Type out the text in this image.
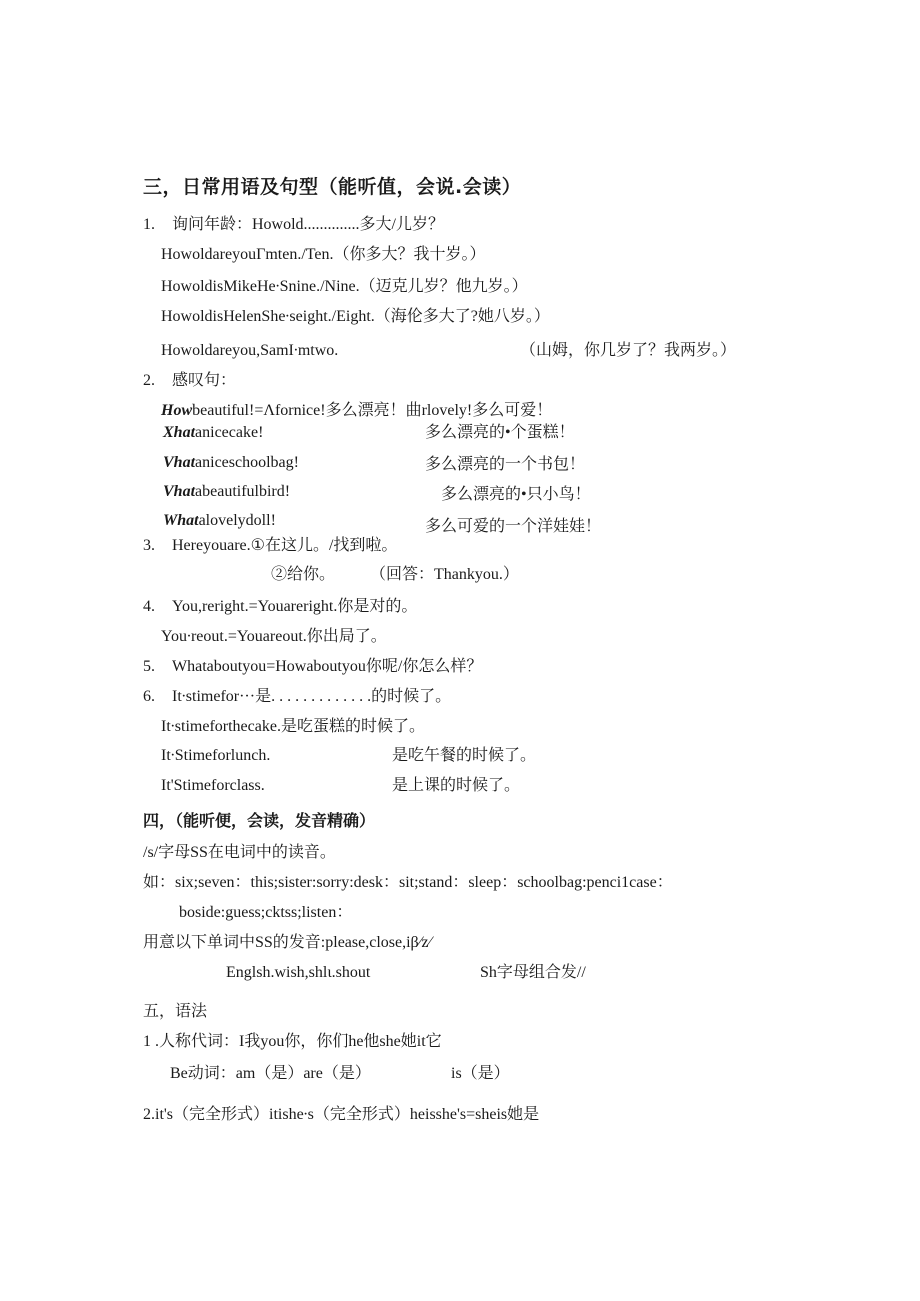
三，日常用语及句型（能听值，会说.会读）
1. 询问年龄：Howold..............多大/儿岁？
HowoldareyouΓmten./Ten.（你多大？我十岁。）
HowoldisMikeHe∙Snine./Nine.（迈克儿岁？他九岁。）
HowoldisHelenShe∙seight./Eight.（海伦多大了?她八岁。）
Howoldareyou,SamI∙mtwo.	（山姆，你几岁了？我两岁。）
2. 感叹句：
Howbeautiful!=Λfornice!多么漂亮！曲rlovely!多么可爱！
Xhatanicecake!	多么漂亮的•个蛋糕！
Vhataniceschoolbag!	多么漂亮的一个书包！
Vhatabeautifulbird!	多么漂亮的•只小鸟！
Whatalovelydoll!	多么可爱的一个洋娃娃！
3. Hereyouare.①在这儿。/找到啦。
②给你。 （回答：Thankyou.）
4. You,reright.=Youareright.你是对的。
You∙reout.=Youareout.你出局了。
5. Whataboutyou=Howaboutyou你呢/你怎么样？
6. It∙stimefor···是. . . . . . . . . . . . .的时候了。
It∙stimeforthecake.是吃蛋糕的时候了。
It∙Stimeforlunch.	是吃午餐的时候了。
It'Stimeforclass.	是上课的时候了。
四，（能听便，会读，发音精确）
/s/字母SS在电词中的读音。
如：six;seven：this;sister:sorry:desk：sit;stand：sleep：schoolbag:penci1case：
boside:guess;cktss;listen：
用意以下单词中SS的发音:please,close,iβ∕z∕
Englsh.wish,shlι.shout	Sh字母组合发//
五，语法
1 .人称代词：I我you你，你们he他she她it它
Be动词：am（是）are（是）	is（是）
2.it's（完全形式）itishe∙s（完全形式）heisshe's=sheis她是
